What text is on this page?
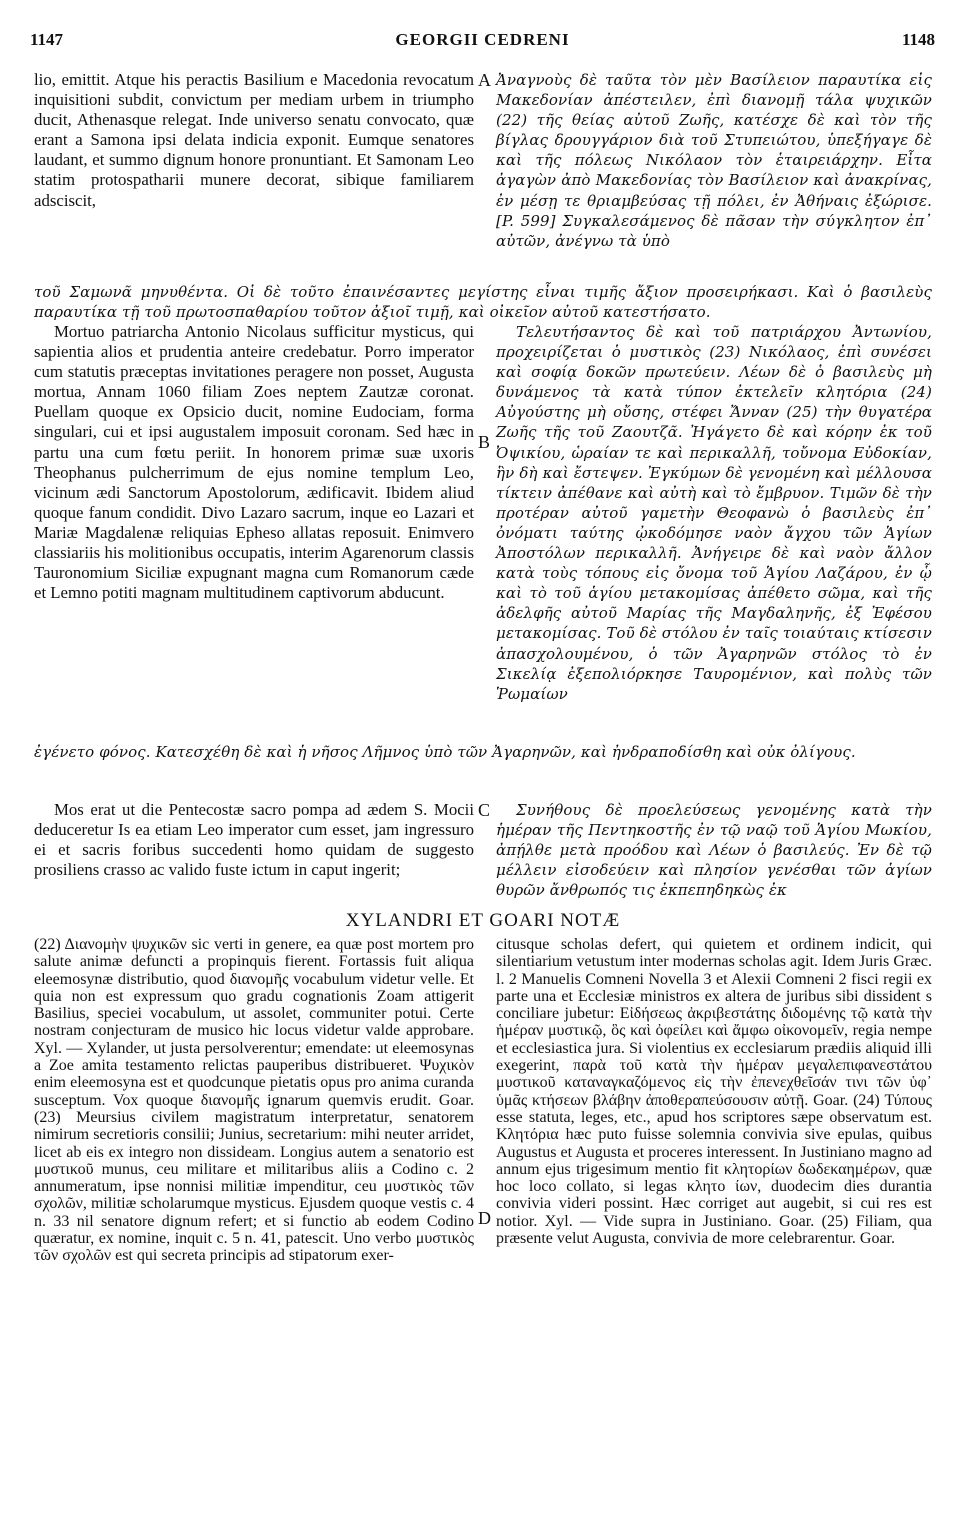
1147	GEORGII CEDRENI	1148
A
B
C
D

lio, emittit. Atque his peractis Basilium e Macedonia revocatum inquisitioni subdit, convictum per mediam urbem in triumpho ducit, Athenasque relegat. Inde universo senatu convocato, quæ erant a Samona ipsi delata indicia exponit. Eumque senatores laudant, et summo dignum honore pronuntiant. Et Samonam Leo statim protospatharii munere decorat, sibique familiarem adsciscit,

Ἀναγνοὺς δὲ ταῦτα τὸν μὲν Βασίλειον παραυτίκα εἰς Μακεδονίαν ἀπέστειλεν, ἐπὶ διανομῇ τάλα ψυχικῶν (22) τῆς θείας αὐτοῦ Ζωῆς, κατέσχε δὲ καὶ τὸν τῆς βίγλας δρουγγάριον διὰ τοῦ Στυπειώτου, ὑπεξήγαγε δὲ καὶ τῆς πόλεως Νικόλαον τὸν ἑταιρειάρχην. Εἶτα ἀγαγὼν ἀπὸ Μακεδονίας τὸν Βασίλειον καὶ ἀνακρίνας, ἐν μέσῃ τε θριαμβεύσας τῇ πόλει, ἐν Ἀθήναις ἐξώρισε. [P. 599] Συγκαλεσάμενος δὲ πᾶσαν τὴν σύγκλητον ἐπ᾿ αὐτῶν, ἀνέγνω τὰ ὑπὸ

τοῦ Σαμωνᾶ μηνυθέντα. Οἱ δὲ τοῦτο ἐπαινέσαντες μεγίστης εἶναι τιμῆς ἄξιον προσειρήκασι. Καὶ ὁ βασιλεὺς παραυτίκα τῇ τοῦ πρωτοσπαθαρίου τοῦτον ἀξιοῖ τιμῇ, καὶ οἰκεῖον αὐτοῦ κατεστήσατο.

Mortuo patriarcha Antonio Nicolaus sufficitur mysticus, qui sapientia alios et prudentia anteire credebatur. Porro imperator cum statutis præceptas invitationes peragere non posset, Augusta mortua, Annam 1060 filiam Zoes neptem Zautzæ coronat. Puellam quoque ex Opsicio ducit, nomine Eudociam, forma singulari, cui et ipsi augustalem imposuit coronam. Sed hæc in partu una cum fœtu periit. In honorem primæ suæ uxoris Theophanus pulcherrimum de ejus nomine templum Leo, vicinum ædi Sanctorum Apostolorum, ædificavit. Ibidem aliud quoque fanum condidit. Divo Lazaro sacrum, inque eo Lazari et Mariæ Magdalenæ reliquias Epheso allatas reposuit. Enimvero classiariis his molitionibus occupatis, interim Agarenorum classis Tauronomium Siciliæ expugnant magna cum Romanorum cæde et Lemno potiti magnam multitudinem captivorum abducunt.

Τελευτήσαντος δὲ καὶ τοῦ πατριάρχου Ἀντωνίου, προχειρίζεται ὁ μυστικὸς (23) Νικόλαος, ἐπὶ συνέσει καὶ σοφίᾳ δοκῶν πρωτεύειν. Λέων δὲ ὁ βασιλεὺς μὴ δυνάμενος τὰ κατὰ τύπον ἐκτελεῖν κλητόρια (24) Αὐγούστης μὴ οὔσης, στέφει Ἄνναν (25) τὴν θυγατέρα Ζωῆς τῆς τοῦ Ζαουτζᾶ. Ἠγάγετο δὲ καὶ κόρην ἐκ τοῦ Ὀψικίου, ὡραίαν τε καὶ περικαλλῆ, τοὔνομα Εὐδοκίαν, ἣν δὴ καὶ ἔστεψεν. Ἐγκύμων δὲ γενομένη καὶ μέλλουσα τίκτειν ἀπέθανε καὶ αὐτὴ καὶ τὸ ἔμβρυον. Τιμῶν δὲ τὴν προτέραν αὐτοῦ γαμετὴν Θεοφανὼ ὁ βασιλεὺς ἐπ᾿ ὀνόματι ταύτης ᾠκοδόμησε ναὸν ἄγχου τῶν Ἁγίων Ἀποστόλων περικαλλῆ. Ἀνήγειρε δὲ καὶ ναὸν ἄλλον κατὰ τοὺς τόπους εἰς ὄνομα τοῦ Ἁγίου Λαζάρου, ἐν ᾧ καὶ τὸ τοῦ ἁγίου μετακομίσας ἀπέθετο σῶμα, καὶ τῆς ἀδελφῆς αὐτοῦ Μαρίας τῆς Μαγδαληνῆς, ἐξ Ἐφέσου μετακομίσας. Τοῦ δὲ στόλου ἐν ταῖς τοιαύταις κτίσεσιν ἀπασχολουμένου, ὁ τῶν Ἀγαρηνῶν στόλος τὸ ἐν Σικελίᾳ ἐξεπολιόρκησε Ταυρομένιον, καὶ πολὺς τῶν Ῥωμαίων

ἐγένετο φόνος. Κατεσχέθη δὲ καὶ ἡ νῆσος Λῆμνος ὑπὸ τῶν Ἀγαρηνῶν, καὶ ἠνδραποδίσθη καὶ οὐκ ὀλίγους.

Mos erat ut die Pentecostæ sacro pompa ad ædem S. Mocii deduceretur Is ea etiam Leo imperator cum esset, jam ingressuro ei et sacris foribus succedenti homo quidam de suggesto prosiliens crasso ac valido fuste ictum in caput ingerit;

Συνήθους δὲ προελεύσεως γενομένης κατὰ τὴν ἡμέραν τῆς Πεντηκοστῆς ἐν τῷ ναῷ τοῦ Ἁγίου Μωκίου, ἀπῄλθε μετὰ προόδου καὶ Λέων ὁ βασιλεύς. Ἐν δὲ τῷ μέλλειν εἰσοδεύειν καὶ πλησίον γενέσθαι τῶν ἁγίων θυρῶν ἄνθρωπός τις ἐκπεπηδηκὼς ἐκ

XYLANDRI ET GOARI NOTÆ

(22) Διανομὴν ψυχικῶν sic verti in genere, ea quæ post mortem pro salute animæ defuncti a propinquis fierent. Fortassis fuit aliqua eleemosynæ distributio, quod διανομῆς vocabulum videtur velle. Et quia non est expressum quo gradu cognationis Zoam attigerit Basilius, speciei vocabulum, ut assolet, communiter potui. Certe nostram conjecturam de musico hic locus videtur valde approbare. Xyl. — Xylander, ut justa persolverentur; emendate: ut eleemosynas a Zoe amita testamento relictas pauperibus distribueret. Ψυχικὸν enim eleemosyna est et quodcunque pietatis opus pro anima curanda susceptum. Vox quoque διανομῆς ignarum quemvis erudit. Goar. (23) Meursius civilem magistratum interpretatur, senatorem nimirum secretioris consilii; Junius, secretarium: mihi neuter arridet, licet ab eis ex integro non dissideam. Longius autem a senatorio est μυστικοῦ munus, ceu militare et militaribus aliis a Codino c. 2 annumeratum, ipse nonnisi militiæ impenditur, ceu μυστικὸς τῶν σχολῶν, militiæ scholarumque mysticus. Ejusdem quoque vestis c. 4 n. 33 nil senatore dignum refert; et si functio ab eodem Codino quæratur, ex nomine, inquit c. 5 n. 41, patescit. Uno verbo μυστικὸς τῶν σχολῶν est qui secreta principis ad stipatorum exer-

citusque scholas defert, qui quietem et ordinem indicit, qui silentiarium vetustum inter modernas scholas agit. Idem Juris Græc. l. 2 Manuelis Comneni Novella 3 et Alexii Comneni 2 fisci regii ex parte una et Ecclesiæ ministros ex altera de juribus sibi dissident s conciliare jubetur: Εἰδήσεως ἀκριβεστάτης διδομένης τῷ κατὰ τὴν ἡμέραν μυστικῷ, ὃς καὶ ὀφείλει καὶ ἄμφω οἰκονομεῖν, regia nempe et ecclesiastica jura. Si violentius ex ecclesiarum prædiis aliquid illi exegerint, παρὰ τοῦ κατὰ τὴν ἡμέραν μεγαλεπιφανεστάτου μυστικοῦ καταναγκαζόμενος εἰς τὴν ἐπενεχθεῖσάν τινι τῶν ὑφ᾿ ὑμᾶς κτήσεων βλάβην ἀποθεραπεύσουσιν αὐτῇ. Goar. (24) Τύπους esse statuta, leges, etc., apud hos scriptores sæpe observatum est. Κλητόρια hæc puto fuisse solemnia convivia sive epulas, quibus Augustus et Augusta et proceres interessent. In Justiniano magno ad annum ejus trigesimum mentio fit κλητορίων δωδεκαημέρων, quæ hoc loco collato, si legas κλητο ίων, duodecim dies durantia convivia videri possint. Hæc corriget aut augebit, si cui res est notior. Xyl. — Vide supra in Justiniano. Goar. (25) Filiam, qua præsente velut Augusta, convivia de more celebrarentur. Goar.
